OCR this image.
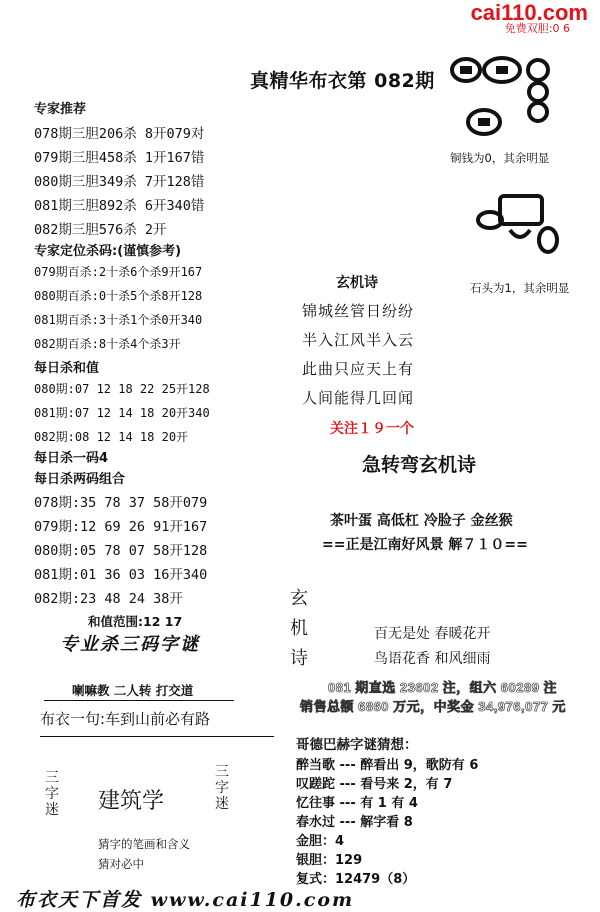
cai110.com
免费双胆:0 6
真精华布衣第 082期
专家推荐
078期三胆206杀 8开079对
079期三胆458杀 1开167错
080期三胆349杀 7开128错
081期三胆892杀 6开340错
082期三胆576杀 2开
专家定位杀码:(谨慎参考)
079期百杀:2十杀6个杀9开167
080期百杀:0十杀5个杀8开128
081期百杀:3十杀1个杀0开340
082期百杀:8十杀4个杀3开
每日杀和值
080期:07 12 18 22 25开128
081期:07 12 14 18 20开340
082期:08 12 14 18 20开
每日杀一码4
每日杀两码组合
078期:35 78 37 58开079
079期:12 69 26 91开167
080期:05 78 07 58开128
081期:01 36 03 16开340
082期:23 48 24 38开
和值范围:12 17
专业杀三码字谜
喇嘛教 二人转 打交道
布衣一句:车到山前必有路
三字迷 建筑学
三字迷
猜字的笔画和含义
猜对必中
铜钱为0，其余明显
石头为1，其余明显
玄机诗
锦城丝管日纷纷
半入江风半入云
此曲只应天上有
人间能得几回闻
关注１９一个
急转弯玄机诗
茶叶蛋 高低杠 冷脸子 金丝猴
==正是江南好风景 解７１０==
玄机诗
百无是处 春暖花开
鸟语花香 和风细雨
081 期直选 23602 注，组六 60289 注
销售总额 6860 万元，中奖金 34,976,077 元
哥德巴赫字谜猜想：
醉当歌 --- 醉看出 9，歌防有 6
叹蹉跎 --- 看号来 2，有 7
忆往事 --- 有 1 有 4
春水过 --- 解字看 8
金胆：4
银胆：129
复式：12479（8）
布衣天下首发 www.cai110.com
